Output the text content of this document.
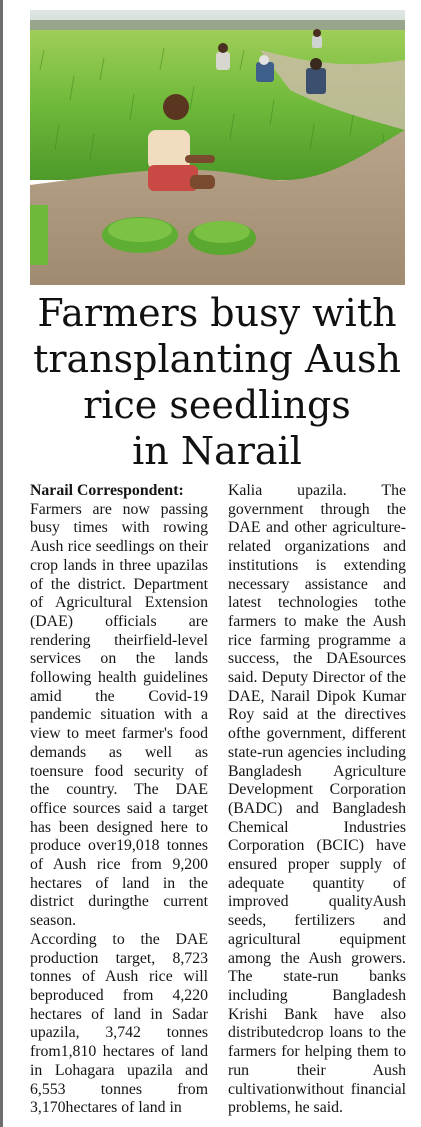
Farmers busy with
transplanting Aush
rice seedlings
in Narail

Narail Correspondent:

Farmers are now passing busy times with rowing Aush rice seedlings on their crop lands in three upazilas of the district. Department of Agricultural Extension (DAE) officials are rendering theirfield-level services on the lands following health guidelines amid the Covid-19 pandemic situation with a view to meet farmer's food demands as well as toensure food security of the country. The DAE office sources said a target has been designed here to produce over19,018 tonnes of Aush rice from 9,200 hectares of land in the district duringthe current season.

According to the DAE production target, 8,723 tonnes of Aush rice will beproduced from 4,220 hectares of land in Sadar upazila, 3,742 tonnes from1,810 hectares of land in Lohagara upazila and 6,553 tonnes from 3,170hectares of land in

Kalia upazila. The government through the DAE and other agriculture-related organizations and institutions is extending necessary assistance and latest technologies tothe farmers to make the Aush rice farming programme a success, the DAEsources said. Deputy Director of the DAE, Narail Dipok Kumar Roy said at the directives ofthe government, different state-run agencies including Bangladesh Agriculture Development Corporation (BADC) and Bangladesh Chemical Industries Corporation (BCIC) have ensured proper supply of adequate quantity of improved qualityAush seeds, fertilizers and agricultural equipment among the Aush growers. The state-run banks including Bangladesh Krishi Bank have also distributedcrop loans to the farmers for helping them to run their Aush cultivationwithout financial problems, he said.
